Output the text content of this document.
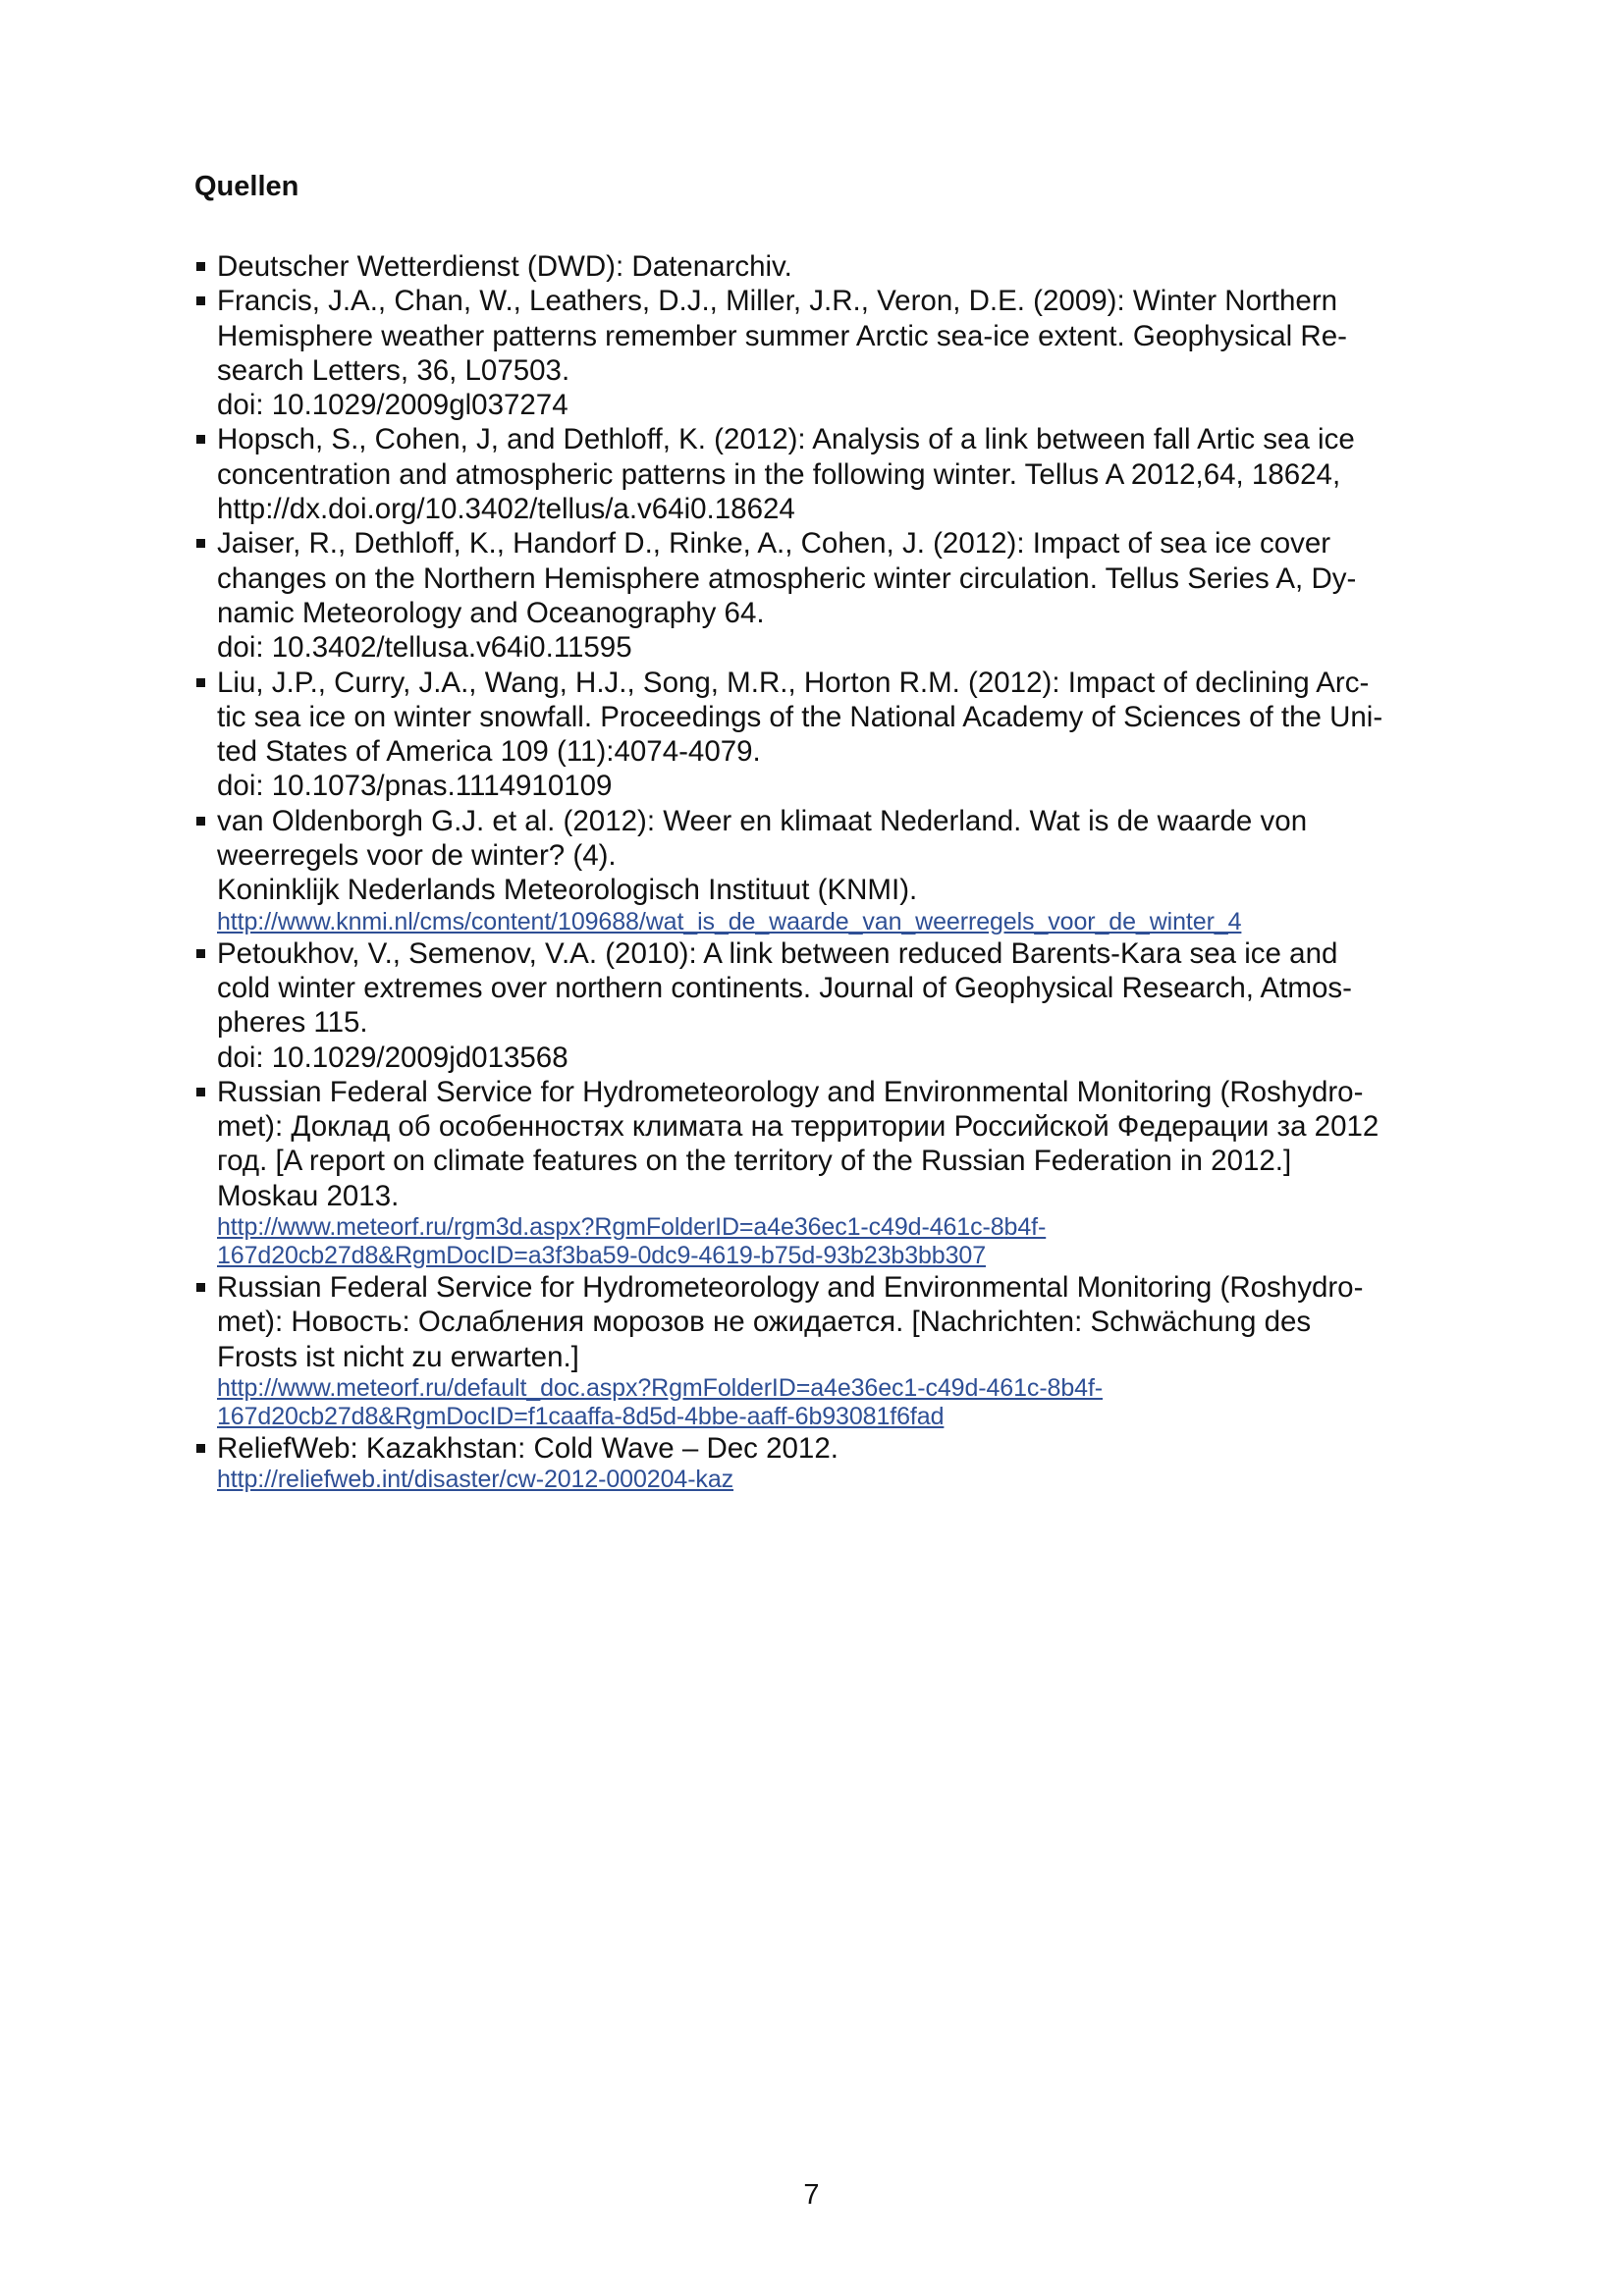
Quellen
Deutscher Wetterdienst (DWD): Datenarchiv.
Francis, J.A., Chan, W., Leathers, D.J., Miller, J.R., Veron, D.E. (2009): Winter Northern
Hemisphere weather patterns remember summer Arctic sea-ice extent. Geophysical Re-
search Letters, 36, L07503.
doi: 10.1029/2009gl037274
Hopsch, S., Cohen, J, and Dethloff, K. (2012): Analysis of a link between fall Artic sea ice
concentration and atmospheric patterns in the following winter. Tellus A 2012,64, 18624,
http://dx.doi.org/10.3402/tellus/a.v64i0.18624
Jaiser, R., Dethloff, K., Handorf D., Rinke, A., Cohen, J. (2012): Impact of sea ice cover
changes on the Northern Hemisphere atmospheric winter circulation. Tellus Series A, Dy-
namic Meteorology and Oceanography 64.
doi: 10.3402/tellusa.v64i0.11595
Liu, J.P., Curry, J.A., Wang, H.J., Song, M.R., Horton R.M. (2012): Impact of declining Arc-
tic sea ice on winter snowfall. Proceedings of the National Academy of Sciences of the Uni-
ted States of America 109 (11):4074-4079.
doi: 10.1073/pnas.1114910109
van Oldenborgh G.J. et al. (2012): Weer en klimaat Nederland. Wat is de waarde von
weerregels voor de winter? (4).
Koninklijk Nederlands Meteorologisch Instituut (KNMI).
http://www.knmi.nl/cms/content/109688/wat_is_de_waarde_van_weerregels_voor_de_winter_4
Petoukhov, V., Semenov, V.A. (2010): A link between reduced Barents-Kara sea ice and
cold winter extremes over northern continents. Journal of Geophysical Research, Atmos-
pheres 115.
doi: 10.1029/2009jd013568
Russian Federal Service for Hydrometeorology and Environmental Monitoring (Roshydro-
met): Доклад об особенностях климата на территории Российской Федерации за 2012
год. [A report on climate features on the territory of the Russian Federation in 2012.]
Moskau 2013.
http://www.meteorf.ru/rgm3d.aspx?RgmFolderID=a4e36ec1-c49d-461c-8b4f-
167d20cb27d8&RgmDocID=a3f3ba59-0dc9-4619-b75d-93b23b3bb307
Russian Federal Service for Hydrometeorology and Environmental Monitoring (Roshydro-
met): Новость: Ослабления морозов не ожидается. [Nachrichten: Schwächung des
Frosts ist nicht zu erwarten.]
http://www.meteorf.ru/default_doc.aspx?RgmFolderID=a4e36ec1-c49d-461c-8b4f-
167d20cb27d8&RgmDocID=f1caaffa-8d5d-4bbe-aaff-6b93081f6fad
ReliefWeb: Kazakhstan: Cold Wave – Dec 2012.
http://reliefweb.int/disaster/cw-2012-000204-kaz
7
